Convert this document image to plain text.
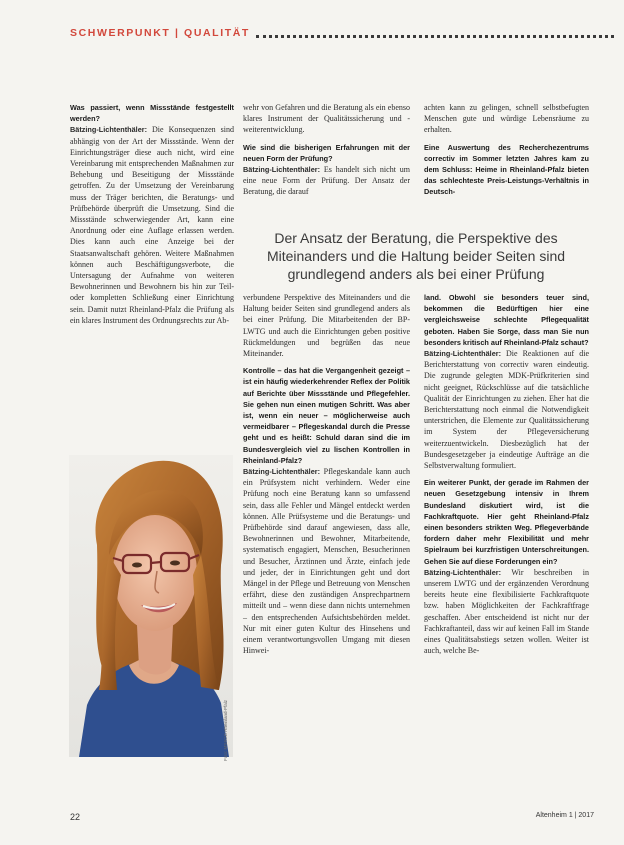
SCHWERPUNKT | QUALITÄT

Was passiert, wenn Missstände festgestellt werden?

Bätzing-Lichtenthäler: Die Konsequenzen sind abhängig von der Art der Missstände. Wenn der Einrichtungsträger diese auch nicht, wird eine Vereinbarung mit entsprechenden Maßnahmen zur Behebung und Beseitigung der Missstände getroffen. Zu der Umsetzung der Vereinbarung muss der Träger berichten, die Beratungs- und Prüfbehörde überprüft die Umsetzung. Sind die Missstände schwerwiegender Art, kann eine Anordnung oder eine Auflage erlassen werden. Dies kann auch eine Anzeige bei der Staatsanwaltschaft gehören. Weitere Maßnahmen können auch Beschäftigungsverbote, die Untersagung der Aufnahme von weiteren Bewohnerinnen und Bewohnern bis hin zur Teil- oder kompletten Schließung einer Einrichtung sein. Damit nutzt Rheinland-Pfalz die Prüfung als ein klares Instrument des Ordnungsrechts zur Ab-

wehr von Gefahren und die Beratung als ein ebenso klares Instrument der Qualitätssicherung und -weiterentwicklung.

Wie sind die bisherigen Erfahrungen mit der neuen Form der Prüfung?

Bätzing-Lichtenthäler: Es handelt sich nicht um eine neue Form der Prüfung. Der Ansatz der Beratung, die darauf

achten kann zu gelingen, schnell selbstbefugten Menschen gute und würdige Lebensräume zu erhalten.

Eine Auswertung des Recherchezentrums correctiv im Sommer letzten Jahres kam zu dem Schluss: Heime in Rheinland-Pfalz bieten das schlechteste Preis-Leistungs-Verhältnis in Deutsch-

Der Ansatz der Beratung, die Perspektive des Miteinanders und die Haltung beider Seiten sind grundlegend anders als bei einer Prüfung

verbundene Perspektive des Miteinanders und die Haltung beider Seiten sind grundlegend anders als bei einer Prüfung. Die Mitarbeitenden der BP-LWTG und auch die Einrichtungen geben positive Rückmeldungen und begrüßen das neue Miteinander.

Kontrolle – das hat die Vergangenheit gezeigt – ist ein häufig wiederkehrender Reflex der Politik auf Berichte über Missstände und Pflegefehler. Sie gehen nun einen mutigen Schritt. Was aber ist, wenn ein neuer – möglicherweise auch vermeidbarer – Pflegeskandal durch die Presse geht und es heißt: Schuld daran sind die im Bundesvergleich viel zu lischen Kontrollen in Rheinland-Pfalz?

Bätzing-Lichtenthäler: Pflegeskandale kann auch ein Prüfsystem nicht verhindern. Weder eine Prüfung noch eine Beratung kann so umfassend sein, dass alle Fehler und Mängel entdeckt werden können. Alle Prüfsysteme und die Beratungs- und Prüfbehörde sind darauf angewiesen, dass alle, Bewohnerinnen und Bewohner, Mitarbeitende, systematisch engagiert, Menschen, Besucherinnen und Besucher, Ärztinnen und Ärzte, einfach jede und jeder, der in Einrichtungen geht und dort Mängel in der Pflege und Betreuung von Menschen erfährt, diese den zuständigen Ansprechpartnern mitteilt und – wenn diese dann nichts unternehmen – den entsprechenden Aufsichtsbehörden meldet. Nur mit einer guten Kultur des Hinsehens und einem verantwortungsvollen Umgang mit diesen Hinwei-

land. Obwohl sie besonders teuer sind, bekommen die Bedürftigen hier eine vergleichsweise schlechte Pflegequalität geboten. Haben Sie Sorge, dass man Sie nun besonders kritisch auf Rheinland-Pfalz schaut?

Bätzing-Lichtenthäler: Die Reaktionen auf die Berichterstattung von correctiv waren eindeutig. Die zugrunde gelegten MDK-Prüfkriterien sind nicht geeignet, Rückschlüsse auf die tatsächliche Qualität der Einrichtungen zu ziehen. Eher hat die Berichterstattung noch einmal die Notwendigkeit unterstrichen, die Elemente zur Qualitätssicherung im System der Pflegeversicherung weiterzuentwickeln. Diesbezüglich hat der Bundesgesetzgeber ja eindeutige Aufträge an die Selbstverwaltung formuliert.

Ein weiterer Punkt, der gerade im Rahmen der neuen Gesetzgebung intensiv in Ihrem Bundesland diskutiert wird, ist die Fachkraftquote. Hier geht Rheinland-Pfalz einen besonders strikten Weg. Pflegeverbände fordern daher mehr Flexibilität und mehr Spielraum bei kurzfristigen Unterschreitungen. Gehen Sie auf diese Forderungen ein?

Bätzing-Lichtenthäler: Wir beschreiben in unserem LWTG und der ergänzenden Verordnung bereits heute eine flexibilisierte Fachkraftquote bzw. haben Möglichkeiten der Fachkraftfrage geschaffen. Aber entscheidend ist nicht nur der Fachkraftanteil, dass wir auf keinen Fall im Stande eines Qualitätsabstiegs setzen wollen. Weiter ist auch, welche Be-

Foto: MSAGD Rheinland-Pfalz
22	Altenheim 1 | 2017
